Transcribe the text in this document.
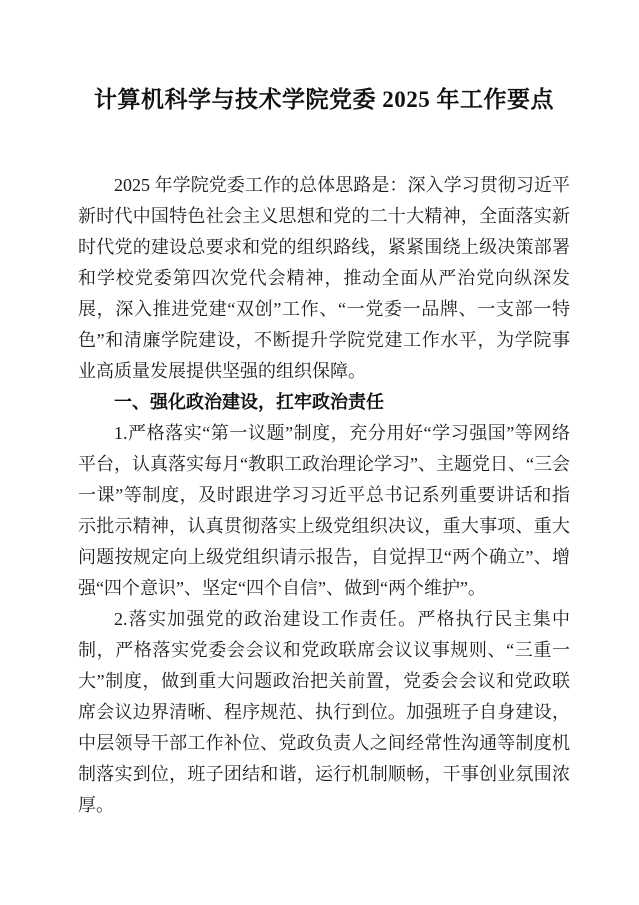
计算机科学与技术学院党委 2025 年工作要点

2025 年学院党委工作的总体思路是：深入学习贯彻习近平新时代中国特色社会主义思想和党的二十大精神，全面落实新时代党的建设总要求和党的组织路线，紧紧围绕上级决策部署和学校党委第四次党代会精神，推动全面从严治党向纵深发展，深入推进党建“双创”工作、“一党委一品牌、一支部一特色”和清廉学院建设，不断提升学院党建工作水平，为学院事业高质量发展提供坚强的组织保障。

一、强化政治建设，扛牢政治责任

1.严格落实“第一议题”制度，充分用好“学习强国”等网络平台，认真落实每月“教职工政治理论学习”、主题党日、“三会一课”等制度，及时跟进学习习近平总书记系列重要讲话和指示批示精神，认真贯彻落实上级党组织决议，重大事项、重大问题按规定向上级党组织请示报告，自觉捍卫“两个确立”、增强“四个意识”、坚定“四个自信”、做到“两个维护”。

2.落实加强党的政治建设工作责任。严格执行民主集中制，严格落实党委会会议和党政联席会议议事规则、“三重一大”制度，做到重大问题政治把关前置，党委会会议和党政联席会议边界清晰、程序规范、执行到位。加强班子自身建设，中层领导干部工作补位、党政负责人之间经常性沟通等制度机制落实到位，班子团结和谐，运行机制顺畅，干事创业氛围浓厚。
